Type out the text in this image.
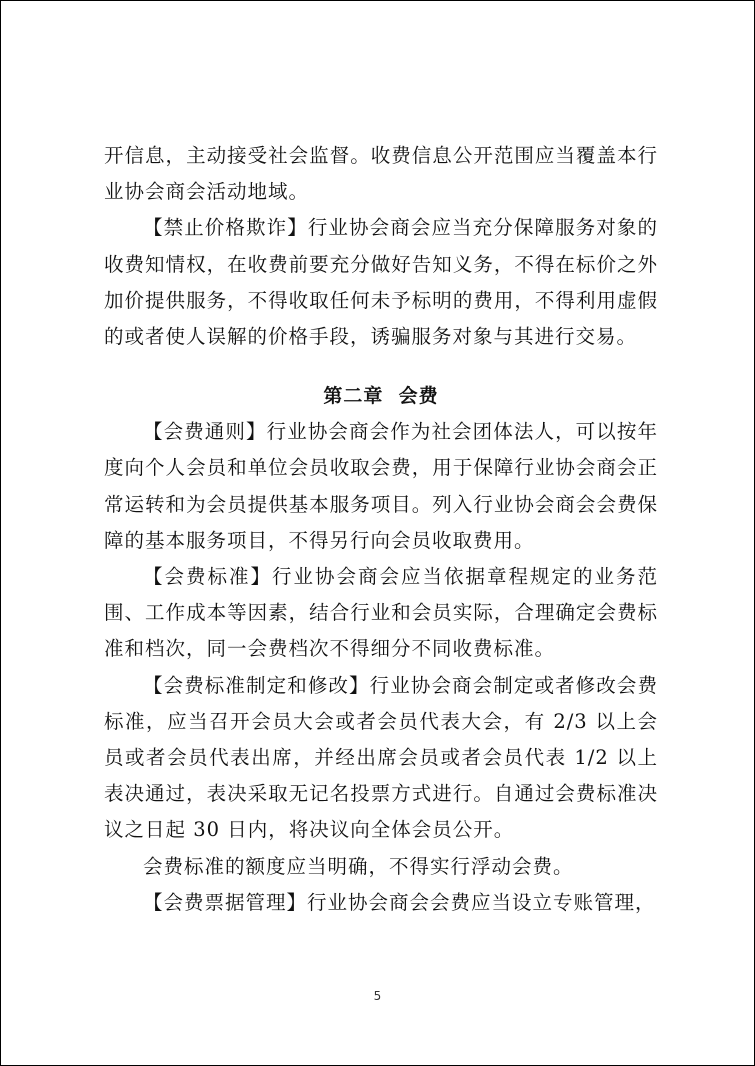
开信息，主动接受社会监督。收费信息公开范围应当覆盖本行业协会商会活动地域。

【禁止价格欺诈】行业协会商会应当充分保障服务对象的收费知情权，在收费前要充分做好告知义务，不得在标价之外加价提供服务，不得收取任何未予标明的费用，不得利用虚假的或者使人误解的价格手段，诱骗服务对象与其进行交易。

第二章  会费

【会费通则】行业协会商会作为社会团体法人，可以按年度向个人会员和单位会员收取会费，用于保障行业协会商会正常运转和为会员提供基本服务项目。列入行业协会商会会费保障的基本服务项目，不得另行向会员收取费用。

【会费标准】行业协会商会应当依据章程规定的业务范围、工作成本等因素，结合行业和会员实际，合理确定会费标准和档次，同一会费档次不得细分不同收费标准。

【会费标准制定和修改】行业协会商会制定或者修改会费标准，应当召开会员大会或者会员代表大会，有 2/3 以上会员或者会员代表出席，并经出席会员或者会员代表 1/2 以上表决通过，表决采取无记名投票方式进行。自通过会费标准决议之日起 30 日内，将决议向全体会员公开。

会费标准的额度应当明确，不得实行浮动会费。

【会费票据管理】行业协会商会会费应当设立专账管理，

5
